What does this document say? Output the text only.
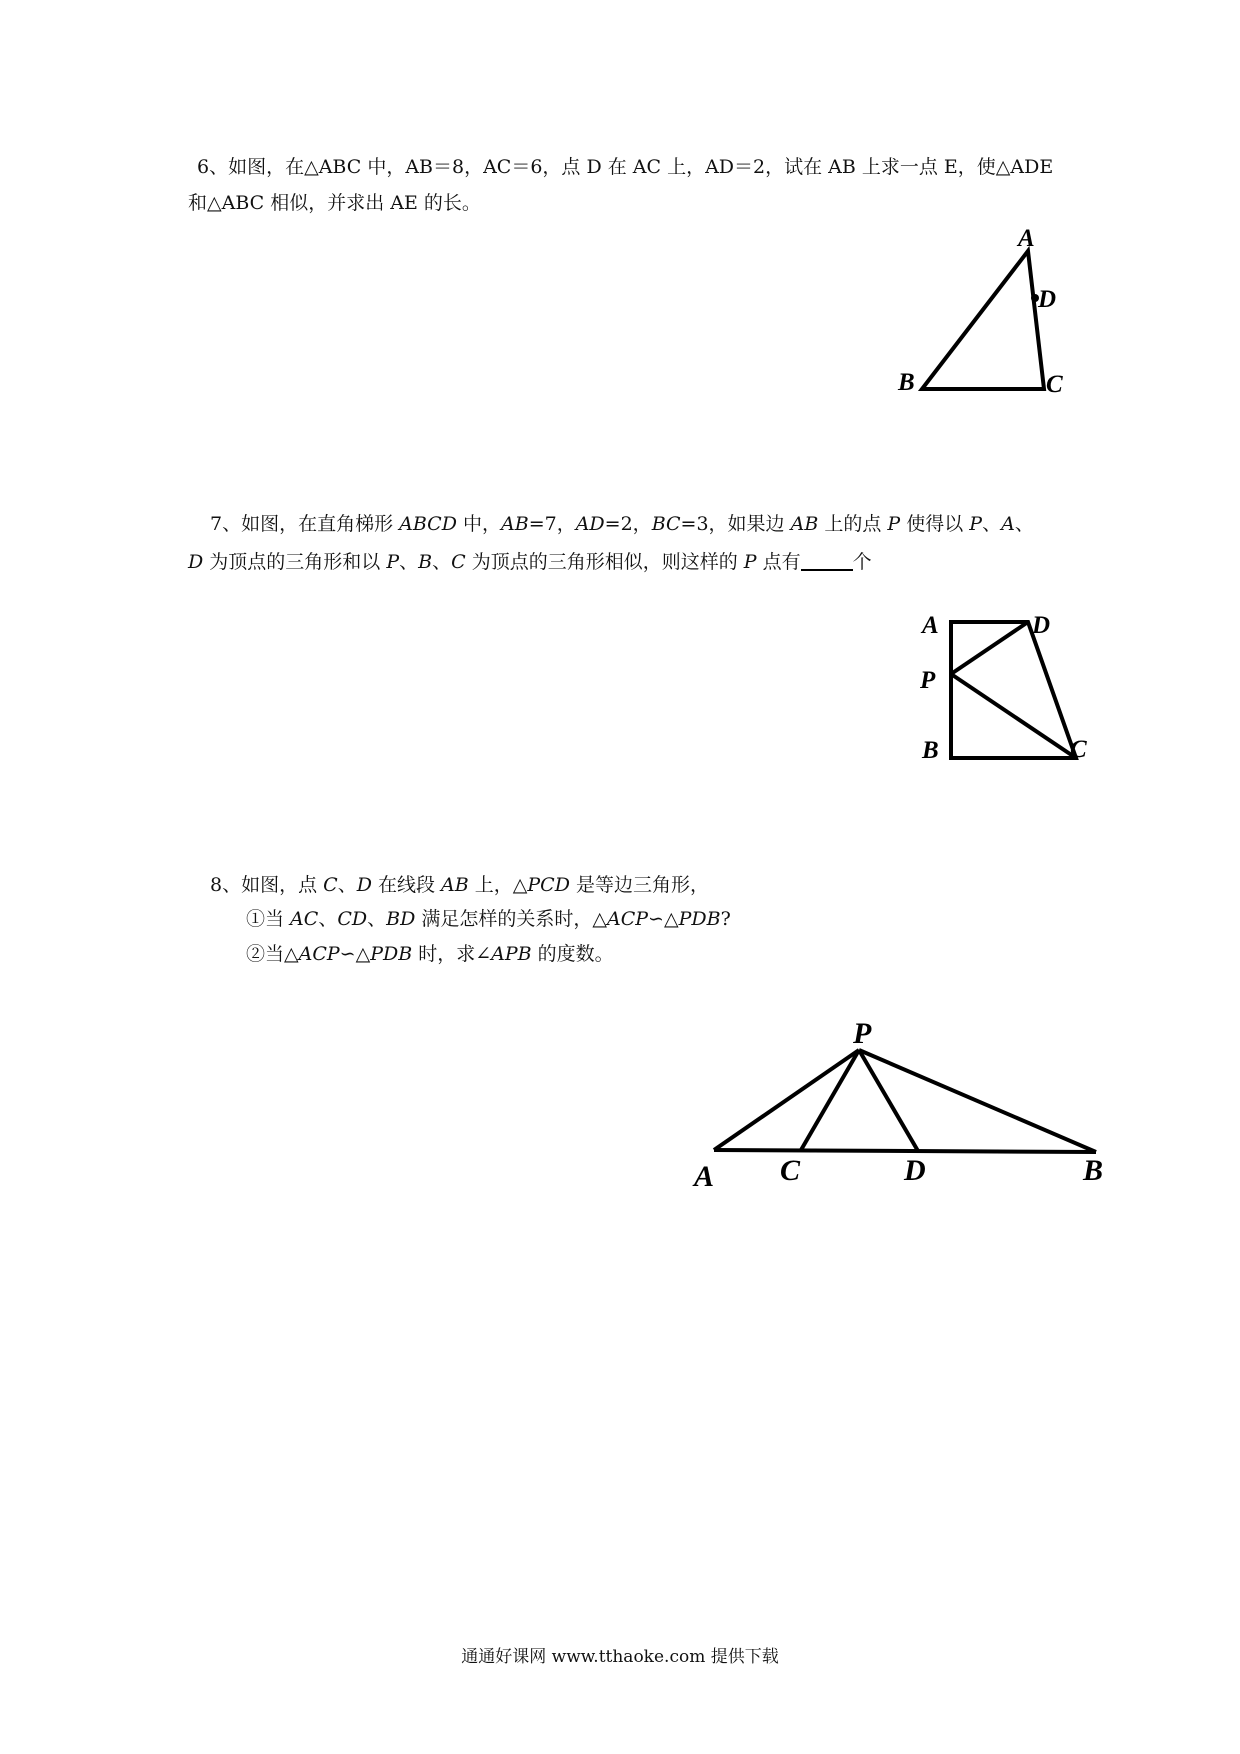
6、如图，在△ABC 中，AB＝8，AC＝6，点 D 在 AC 上，AD＝2，试在 AB 上求一点 E，使△ADE
和△ABC 相似，并求出 AE 的长。
7、如图，在直角梯形 ABCD 中，AB=7，AD=2，BC=3，如果边 AB 上的点 P 使得以 P、A、
D 为顶点的三角形和以 P、B、C 为顶点的三角形相似，则这样的 P 点有	个
8、如图，点 C、D 在线段 AB 上，△PCD 是等边三角形，
①当 AC、CD、BD 满足怎样的关系时，△ACP∽△PDB?
②当△ACP∽△PDB 时，求∠APB 的度数。
A
D
B	C
A	D
P
B	C
P
A C	D	B
通通好课网 www.tthaoke.com 提供下载
